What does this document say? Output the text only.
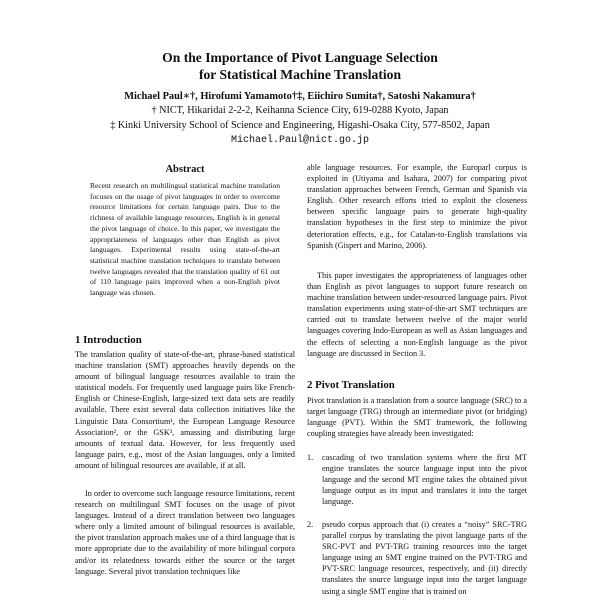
On the Importance of Pivot Language Selection
for Statistical Machine Translation
Michael Paul∗†, Hirofumi Yamamoto†‡, Eiichiro Sumita†, Satoshi Nakamura†
† NICT, Hikaridai 2-2-2, Keihanna Science City, 619-0288 Kyoto, Japan
‡ Kinki University School of Science and Engineering, Higashi-Osaka City, 577-8502, Japan
Michael.Paul@nict.go.jp
Abstract
Recent research on multilingual statistical machine translation focuses on the usage of pivot languages in order to overcome resource limitations for certain language pairs. Due to the richness of available language resources, English is in general the pivot language of choice. In this paper, we investigate the appropriateness of languages other than English as pivot languages. Experimental results using state-of-the-art statistical machine translation techniques to translate between twelve languages revealed that the translation quality of 61 out of 110 language pairs improved when a non-English pivot language was chosen.
1 Introduction

The translation quality of state-of-the-art, phrase-based statistical machine translation (SMT) approaches heavily depends on the amount of bilingual language resources available to train the statistical models. For frequently used language pairs like French-English or Chinese-English, large-sized text data sets are readily available. There exist several data collection initiatives like the Linguistic Data Consortium¹, the European Language Resource Association², or the GSK³, amassing and distributing large amounts of textual data. However, for less frequently used language pairs, e.g., most of the Asian languages, only a limited amount of bilingual resources are available, if at all.

In order to overcome such language resource limitations, recent research on multilingual SMT focuses on the usage of pivot languages. Instead of a direct translation between two languages where only a limited amount of bilingual resources is available, the pivot translation approach makes use of a third language that is more appropriate due to the availability of more bilingual corpora and/or its relatedness towards either the source or the target language. Several pivot translation techniques like

able language resources. For example, the Europarl corpus is exploited in (Utiyama and Isahara, 2007) for comparing pivot translation approaches between French, German and Spanish via English. Other research efforts tried to exploit the closeness between specific language pairs to generate high-quality translation hypotheses in the first step to minimize the pivot deterioration effects, e.g., for Catalan-to-English translations via Spanish (Gispert and Marino, 2006).

This paper investigates the appropriateness of languages other than English as pivot languages to support future research on machine translation between under-resourced language pairs. Pivot translation experiments using state-of-the-art SMT techniques are carried out to translate between twelve of the major world languages covering Indo-European as well as Asian languages and the effects of selecting a non-English language as the pivot language are discussed in Section 3.

2 Pivot Translation

Pivot translation is a translation from a source language (SRC) to a target language (TRG) through an intermediate pivot (or bridging) language (PVT). Within the SMT framework, the following coupling strategies have already been investigated:

1. cascading of two translation systems where the first MT engine translates the source language input into the pivot language and the second MT engine takes the obtained pivot language output as its input and translates it into the target language.
2. pseudo corpus approach that (i) creates a “noisy” SRC-TRG parallel corpus by translating the pivot language parts of the SRC-PVT and PVT-TRG training resources into the target language using an SMT engine trained on the PVT-TRG and PVT-SRC language resources, respectively, and (ii) directly translates the source language input into the target language using a single SMT engine that is trained on
